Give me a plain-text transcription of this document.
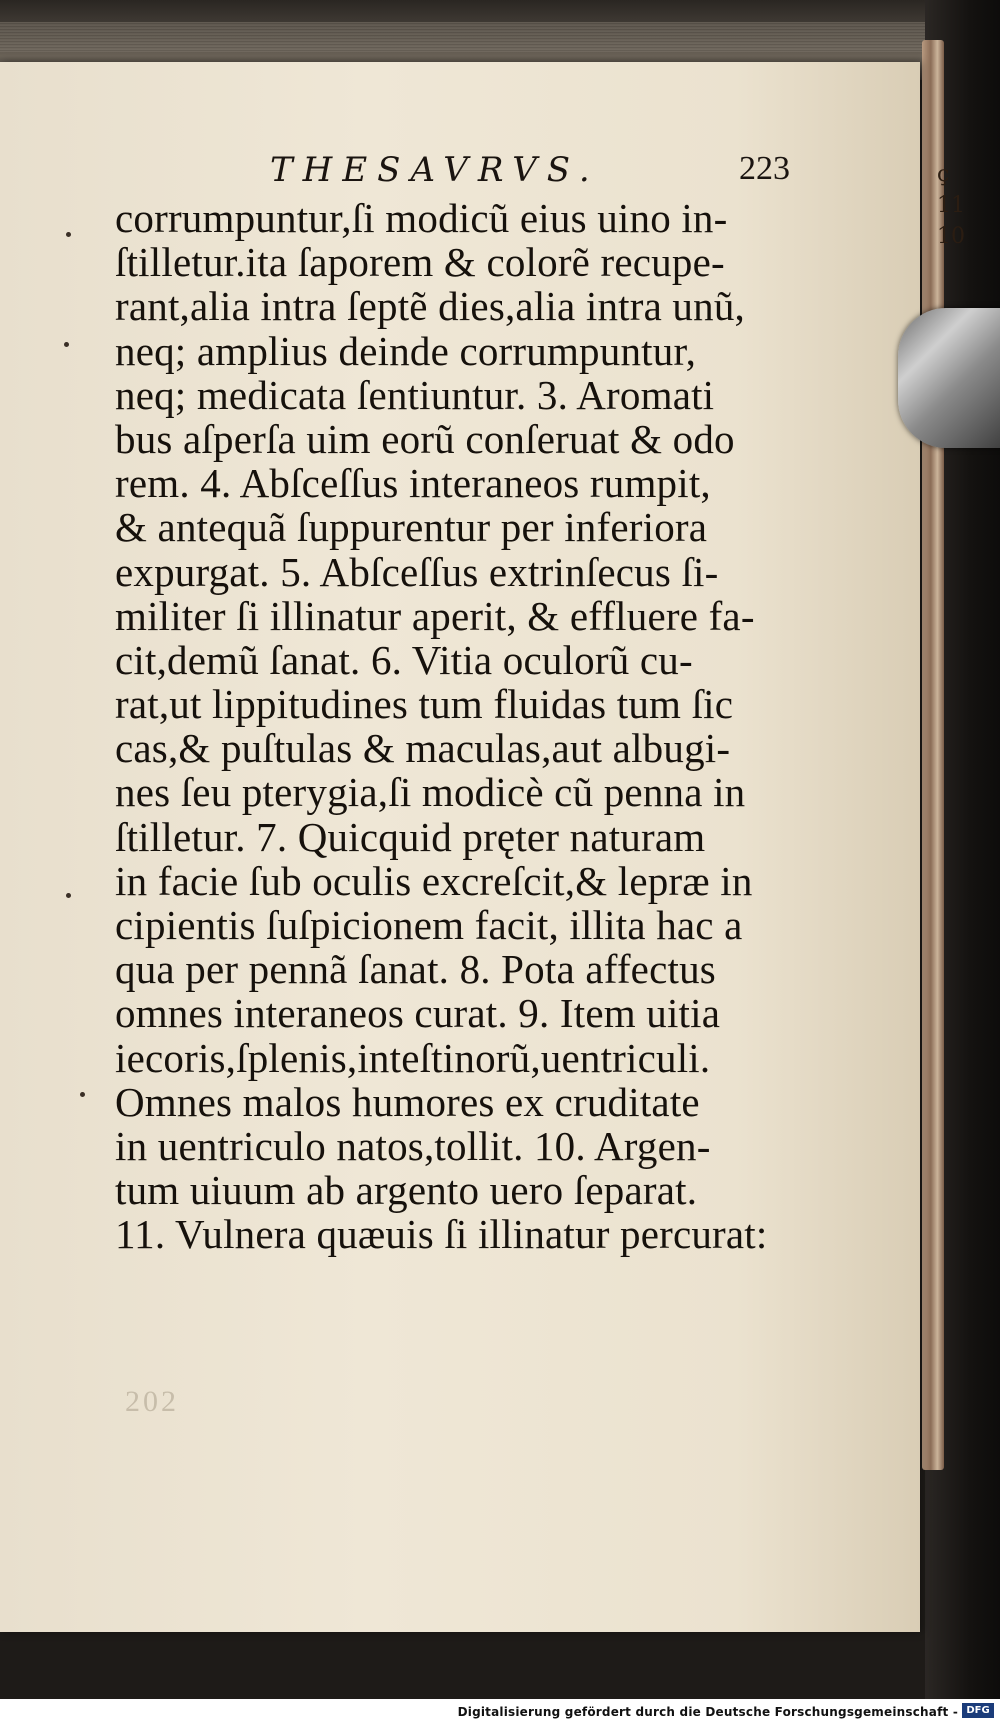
ç
11
10
THESAVRVS.	223
corrumpuntur,ſi modicũ eius uino in-
ſtilletur.ita ſaporem & colorẽ recupe-
rant,alia intra ſeptẽ dies,alia intra unũ,
neq; amplius deinde corrumpuntur,
neq; medicata ſentiuntur. 3. Aromati
bus aſperſa uim eorũ conſeruat & odo
rem. 4. Abſceſſus interaneos rumpit,
& antequã ſuppurentur per inferiora
expurgat. 5. Abſceſſus extrinſecus ſi-
militer ſi illinatur aperit, & effluere fa-
cit,demũ ſanat. 6. Vitia oculorũ cu-
rat,ut lippitudines tum fluidas tum ſic
cas,& puſtulas & maculas,aut albugi-
nes ſeu pterygia,ſi modicè cũ penna in
ſtilletur. 7. Quicquid pręter naturam
in facie ſub oculis excreſcit,& lepræ in
cipientis ſuſpicionem facit, illita hac a
qua per pennã ſanat. 8. Pota affectus
omnes interaneos curat. 9. Item uitia
iecoris,ſplenis,inteſtinorũ,uentriculi.
Omnes malos humores ex cruditate
in uentriculo natos,tollit. 10. Argen-
tum uiuum ab argento uero ſeparat.
11. Vulnera quæuis ſi illinatur percurat:
202
Digitalisierung gefördert durch die Deutsche Forschungsgemeinschaft - DFG
